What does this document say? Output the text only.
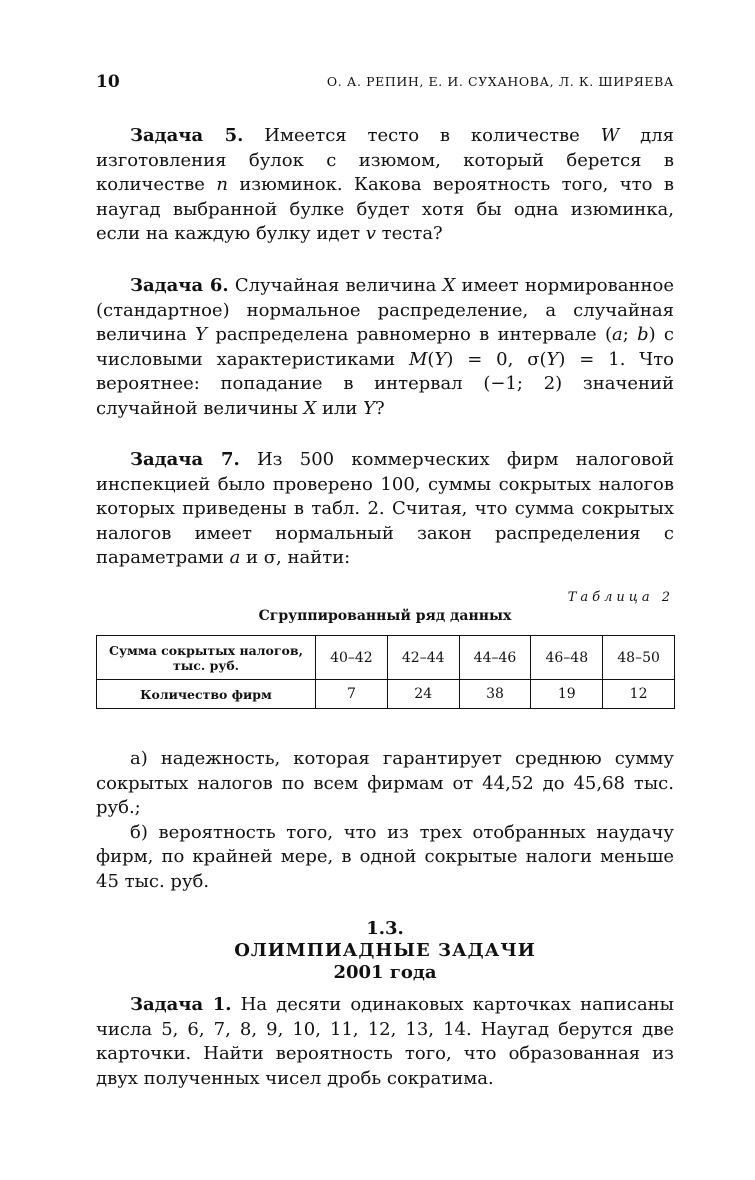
10	О. А. РЕПИН, Е. И. СУХАНОВА, Л. К. ШИРЯЕВА

Задача 5. Имеется тесто в количестве W для изготовления булок с изюмом, который берется в количестве n изюминок. Какова вероятность того, что в наугад выбранной булке будет хотя бы одна изюминка, если на каждую булку идет v теста?

Задача 6. Случайная величина X имеет нормированное (стандартное) нормальное распределение, а случайная величина Y распределена равномерно в интервале (a; b) с числовыми характеристиками M(Y) = 0, σ(Y) = 1. Что вероятнее: попадание в интервал (−1; 2) значений случайной величины X или Y?

Задача 7. Из 500 коммерческих фирм налоговой инспекцией было проверено 100, суммы сокрытых налогов которых приведены в табл. 2. Считая, что сумма сокрытых налогов имеет нормальный закон распределения с параметрами a и σ, найти:

Таблица 2
Сгруппированный ряд данных
Сумма сокрытых налогов, тыс. руб.	40–42	42–44	44–46	46–48	48–50
Количество фирм	7	24	38	19	12

а) надежность, которая гарантирует среднюю сумму сокрытых налогов по всем фирмам от 44,52 до 45,68 тыс. руб.;

б) вероятность того, что из трех отобранных наудачу фирм, по крайней мере, в одной сокрытые налоги меньше 45 тыс. руб.

1.3.
ОЛИМПИАДНЫЕ ЗАДАЧИ
2001 года

Задача 1. На десяти одинаковых карточках написаны числа 5, 6, 7, 8, 9, 10, 11, 12, 13, 14. Наугад берутся две карточки. Найти вероятность того, что образованная из двух полученных чисел дробь сократима.
